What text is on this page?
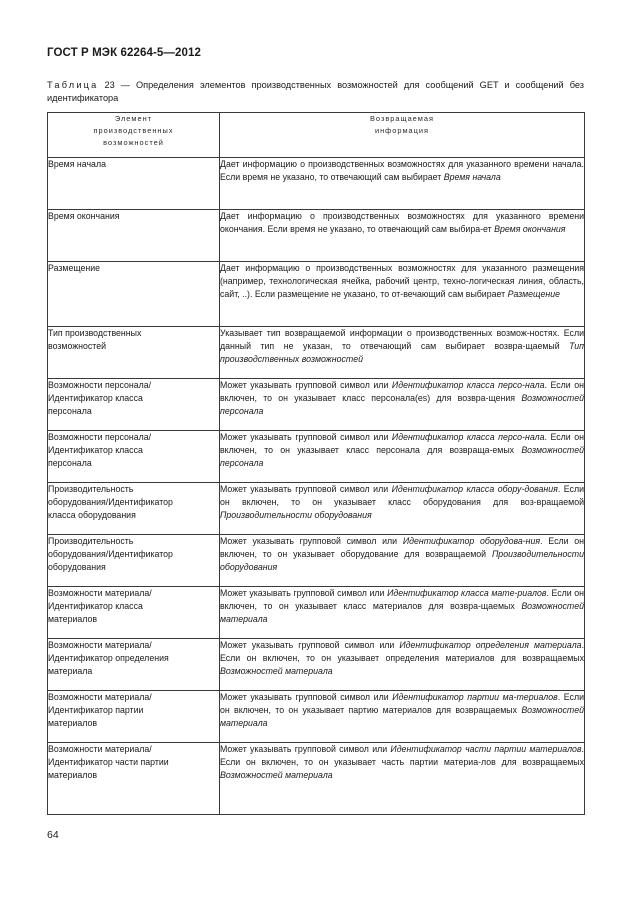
ГОСТ Р МЭК 62264-5—2012
Таблица 23 — Определения элементов производственных возможностей для сообщений GET и сообщений без идентификатора
Элемент
производственных
возможностей	Возвращаемая
информация

Время начала	Дает информацию о производственных возможностях для указанного времени начала. Если время не указано, то отвечающий сам выбирает Время начала

Время окончания	Дает информацию о производственных возможностях для указанного времени окончания. Если время не указано, то отвечающий сам выбира-ет Время окончания

Размещение	Дает информацию о производственных возможностях для указанного размещения (например, технологическая ячейка, рабочий центр, техно-логическая линия, область, сайт, ..). Если размещение не указано, то от-вечающий сам выбирает Размещение

Тип производственных
возможностей	Указывает тип возвращаемой информации о производственных возмож-ностях. Если данный тип не указан, то отвечающий сам выбирает возвра-щаемый Тип производственных возможностей

Возможности персонала/
Идентификатор класса
персонала	Может указывать групповой символ или Идентификатор класса персо-нала. Если он включен, то он указывает класс персонала(es) для возвра-щения Возможностей персонала

Возможности персонала/
Идентификатор класса
персонала	Может указывать групповой символ или Идентификатор класса персо-нала. Если он включен, то он указывает класс персонала для возвраща-емых Возможностей персонала

Производительность
оборудования/Идентификатор
класса оборудования	Может указывать групповой символ или Идентификатор класса обору-дования. Если он включен, то он указывает класс оборудования для воз-вращаемой Производительности оборудования

Производительность
оборудования/Идентификатор
оборудования	Может указывать групповой символ или Идентификатор оборудова-ния. Если он включен, то он указывает оборудование для возвращаемой Производительности оборудования

Возможности материала/
Идентификатор класса
материалов	Может указывать групповой символ или Идентификатор класса мате-риалов. Если он включен, то он указывает класс материалов для возвра-щаемых Возможностей материала

Возможности материала/
Идентификатор определения
материала	Может указывать групповой символ или Идентификатор определения материала. Если он включен, то он указывает определения материалов для возвращаемых Возможностей материала

Возможности материала/
Идентификатор партии
материалов	Может указывать групповой символ или Идентификатор партии ма-териалов. Если он включен, то он указывает партию материалов для возвращаемых Возможностей материала

Возможности материала/
Идентификатор части партии
материалов	Может указывать групповой символ или Идентификатор части партии материалов. Если он включен, то он указывает часть партии материа-лов для возвращаемых Возможностей материала
64
